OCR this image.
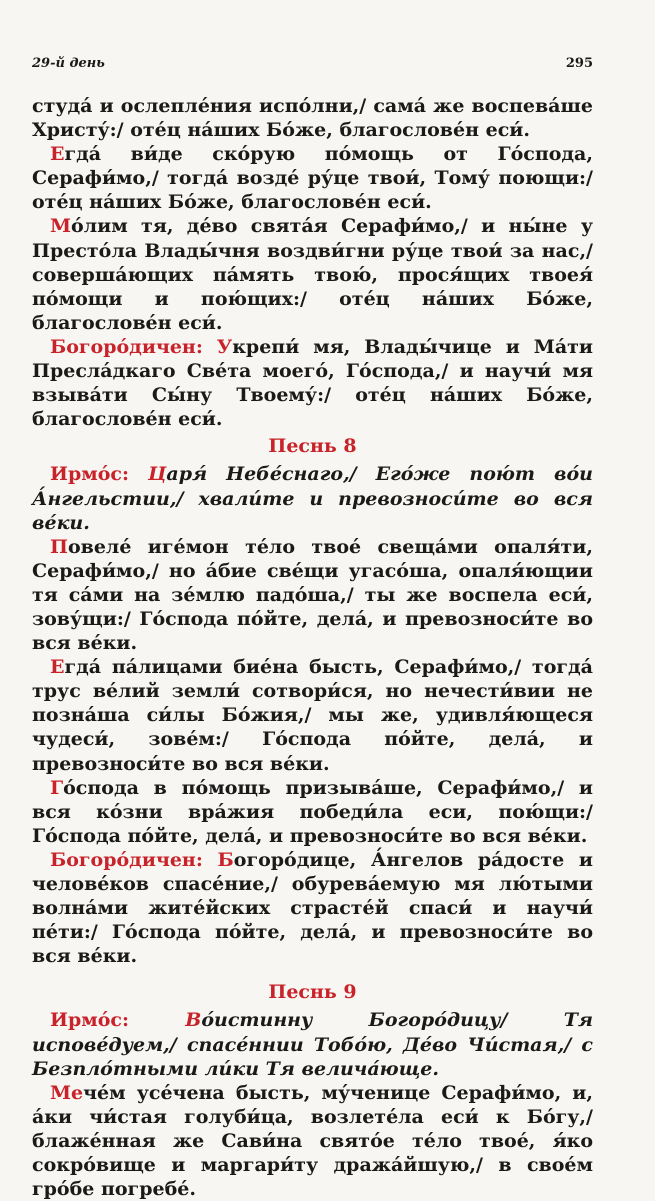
29-й день	295

студа́ и ослепле́ния испо́лни,/ сама́ же воспева́ше Христу́:/ оте́ц на́ших Бо́же, благослове́н еси́.

Егда́ ви́де ско́рую по́мощь от Го́спода, Серафи́мо,/ тогда́ возде́ ру́це твои́, Тому́ поющи:/ оте́ц на́ших Бо́же, благослове́н еси́.

Мо́лим тя, де́во свята́я Серафи́мо,/ и ны́не у Престо́ла Влады́чня воздви́гни ру́це твои́ за нас,/ соверша́ющих па́мять твою́, прося́щих твоея́ по́мощи и пою́щих:/ оте́ц на́ших Бо́же, благослове́н еси́.

Богоро́дичен: Укрепи́ мя, Влады́чице и Ма́ти Пресла́дкаго Све́та моего́, Го́спода,/ и научи́ мя взыва́ти Сы́ну Твоему́:/ оте́ц на́ших Бо́же, благослове́н еси́.

Песнь 8

Ирмо́с: Царя́ Небе́снаго,/ Его́же пою́т во́и А́нгельстии,/ хвали́те и превозноси́те во вся ве́ки.

Повеле́ иге́мон те́ло твое́ свеща́ми опаля́ти, Серафи́мо,/ но а́бие све́щи угасо́ша, опаля́ющии тя са́ми на зе́млю падо́ша,/ ты же воспела еси́, зову́щи:/ Го́спода по́йте, дела́, и превозноси́те во вся ве́ки.

Егда́ па́лицами бие́на бысть, Серафи́мо,/ тогда́ трус ве́лий земли́ сотвори́ся, но нечести́вии не позна́ша си́лы Бо́жия,/ мы же, удивля́ющеся чудеси́, зове́м:/ Го́спода по́йте, дела́, и превозноси́те во вся ве́ки.

Го́спода в по́мощь призыва́ше, Серафи́мо,/ и вся ко́зни вра́жия победи́ла еси, пою́щи:/ Го́спода по́йте, дела́, и превозноси́те во вся ве́ки.

Богоро́дичен: Богоро́дице, А́нгелов ра́досте и челове́ков спасе́ние,/ обурева́емую мя лю́тыми волна́ми жите́йских страсте́й спаси́ и научи́ пе́ти:/ Го́спода по́йте, дела́, и превозноси́те во вся ве́ки.

Песнь 9

Ирмо́с:	Во́истинну Богоро́дицу/ Тя испове́дуем,/ спасе́ннии Тобо́ю, Де́во Чи́стая,/ с Безпло́тными ли́ки Тя велича́юще.

Мече́м усе́чена бысть, му́ченице Серафи́мо, и, а́ки чи́стая голуби́ца, возлете́ла еси́ к Бо́гу,/ блаже́нная же Сави́на свято́е те́ло твое́, я́ко сокро́вище и маргари́ту дража́йшую,/ в свое́м гро́бе погребе́.
